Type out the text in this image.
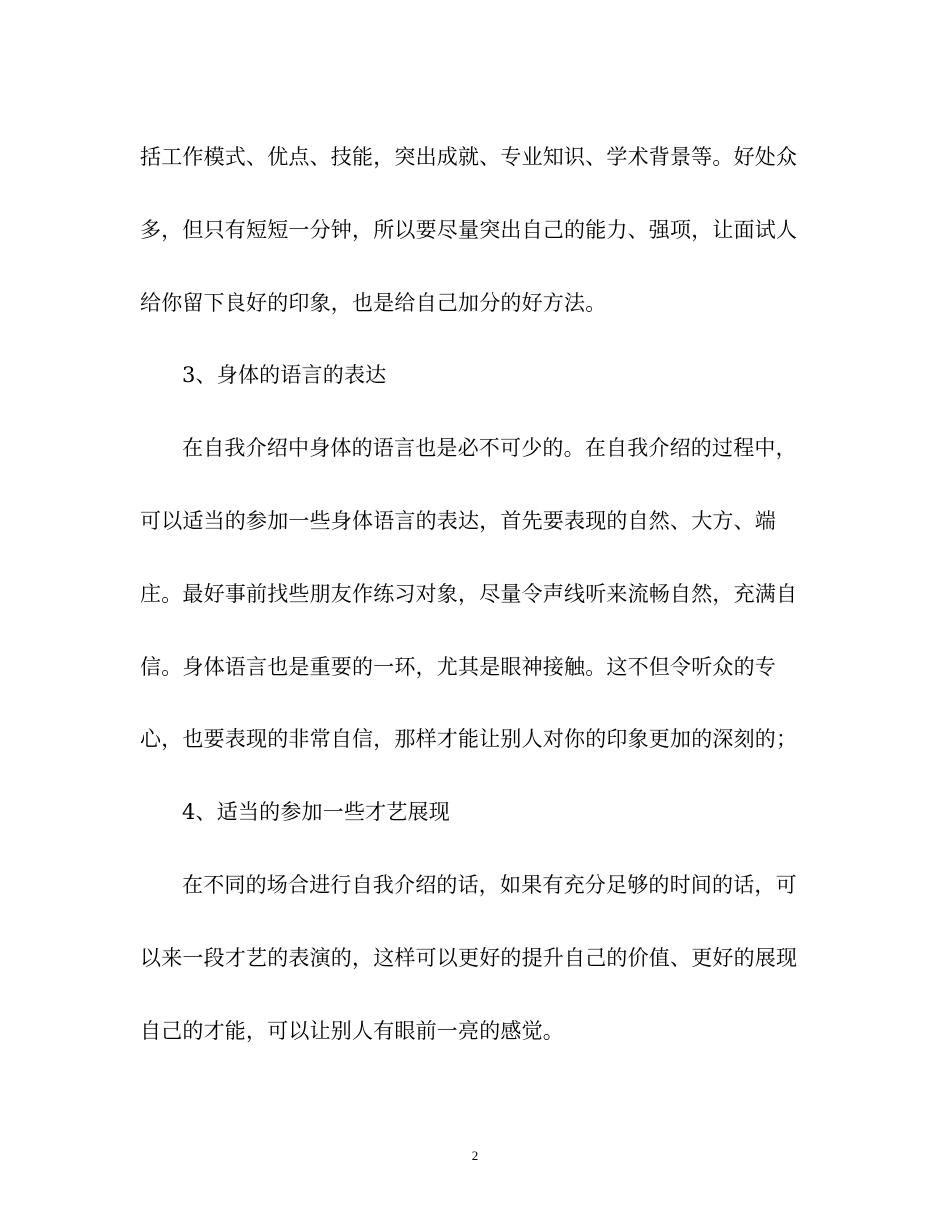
括工作模式、优点、技能，突出成就、专业知识、学术背景等。好处众
多，但只有短短一分钟，所以要尽量突出自己的能力、强项，让面试人
给你留下良好的印象，也是给自己加分的好方法。
3、身体的语言的表达
在自我介绍中身体的语言也是必不可少的。在自我介绍的过程中，
可以适当的参加一些身体语言的表达，首先要表现的自然、大方、端
庄。最好事前找些朋友作练习对象，尽量令声线听来流畅自然，充满自
信。身体语言也是重要的一环，尤其是眼神接触。这不但令听众的专
心，也要表现的非常自信，那样才能让别人对你的印象更加的深刻的；
4、适当的参加一些才艺展现
在不同的场合进行自我介绍的话，如果有充分足够的时间的话，可
以来一段才艺的表演的，这样可以更好的提升自己的价值、更好的展现
自己的才能，可以让别人有眼前一亮的感觉。
2
